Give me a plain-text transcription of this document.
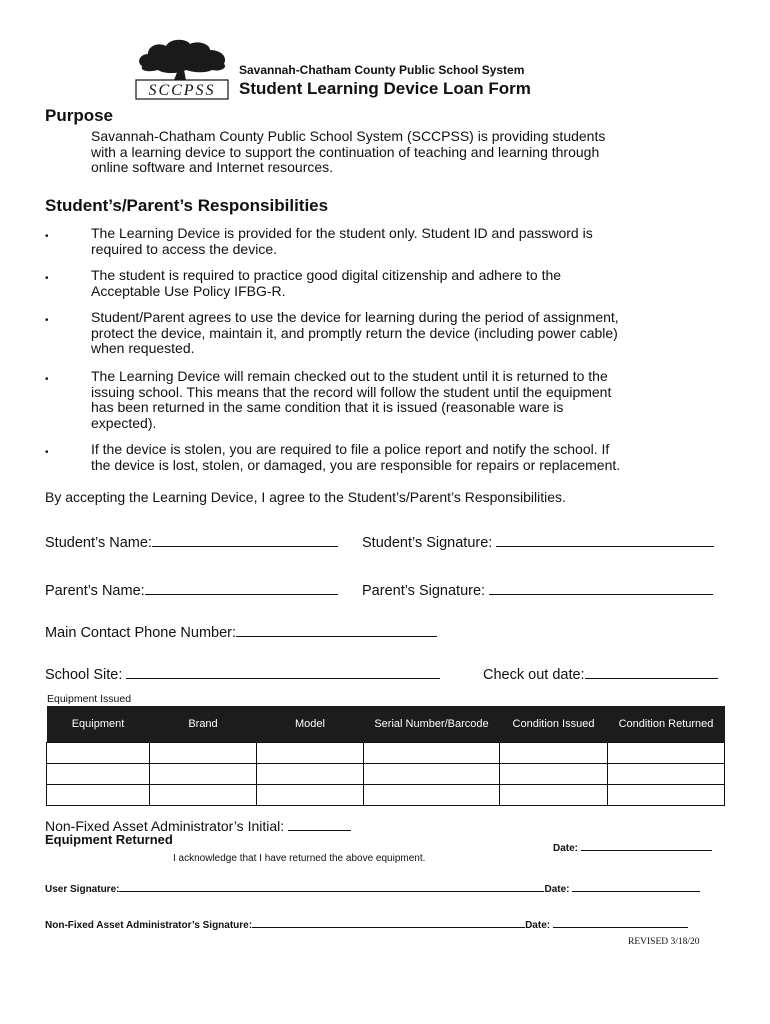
SCCPSS
Savannah-Chatham County Public School System
Student Learning Device Loan Form
Purpose
Savannah-Chatham County Public School System (SCCPSS) is providing students
with a learning device to support the continuation of teaching and learning through
online software and Internet resources.
Student’s/Parent’s Responsibilities
•	The Learning Device is provided for the student only. Student ID and password is
required to access the device.
•	The student is required to practice good digital citizenship and adhere to the
Acceptable Use Policy IFBG-R.
•	Student/Parent agrees to use the device for learning during the period of assignment,
protect the device, maintain it, and promptly return the device (including power cable)
when requested.
•	The Learning Device will remain checked out to the student until it is returned to the
issuing school. This means that the record will follow the student until the equipment
has been returned in the same condition that it is issued (reasonable ware is
expected).
•	If the device is stolen, you are required to file a police report and notify the school. If
the device is lost, stolen, or damaged, you are responsible for repairs or replacement.
By accepting the Learning Device, I agree to the Student’s/Parent’s Responsibilities.
Student’s Name:	Student’s Signature:
Parent’s Name:	Parent’s Signature:
Main Contact Phone Number:
School Site:	Check out date:
Equipment Issued
Equipment	Brand	Model	Serial Number/Barcode	Condition Issued	Condition Returned

Non-Fixed Asset Administrator’s Initial:
Equipment Returned
Date:
I acknowledge that I have returned the above equipment.
User Signature:	Date:
Non-Fixed Asset Administrator’s Signature:	Date:
REVISED 3/18/20
